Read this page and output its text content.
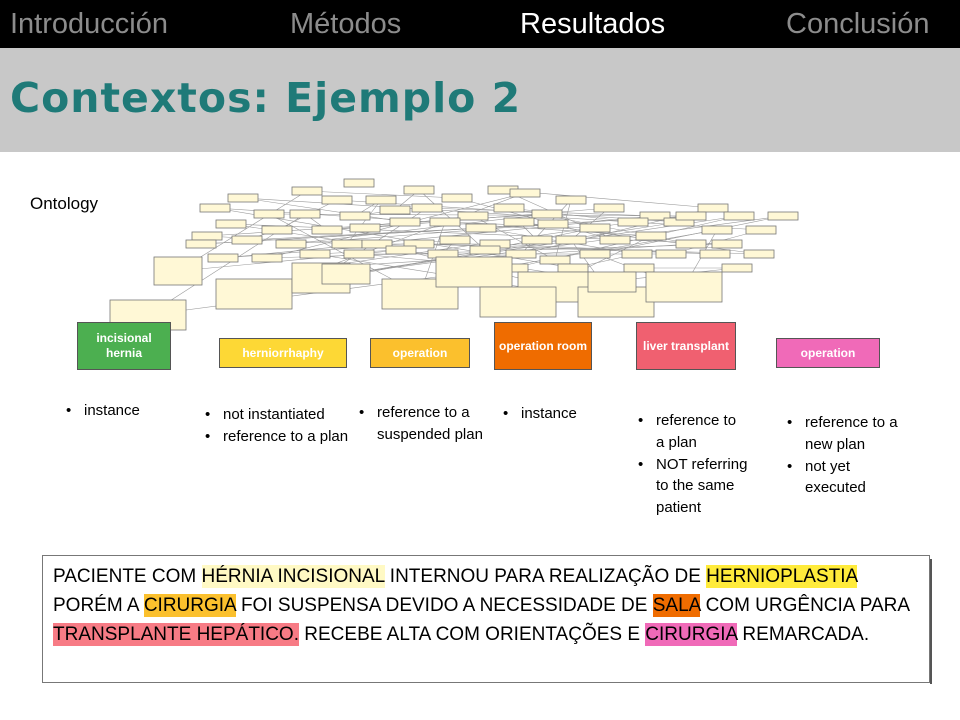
Introducción	Métodos	Resultados	Conclusión
Contextos: Ejemplo 2
Ontology
incisional hernia	herniorrhaphy	operation	operation room	liver transplant	operation
• instance	• not instantiated
• reference to a plan
• reference to a suspended plan
• instance	• reference to a plan
• NOT referring to the same patient
• reference to a new plan
• not yet executed
PACIENTE COM HÉRNIA INCISIONAL INTERNOU PARA REALIZAÇÃO DE HERNIOPLASTIA PORÉM A CIRURGIA FOI SUSPENSA DEVIDO A NECESSIDADE DE SALA COM URGÊNCIA PARA TRANSPLANTE HEPÁTICO. RECEBE ALTA COM ORIENTAÇÕES E CIRURGIA REMARCADA.
